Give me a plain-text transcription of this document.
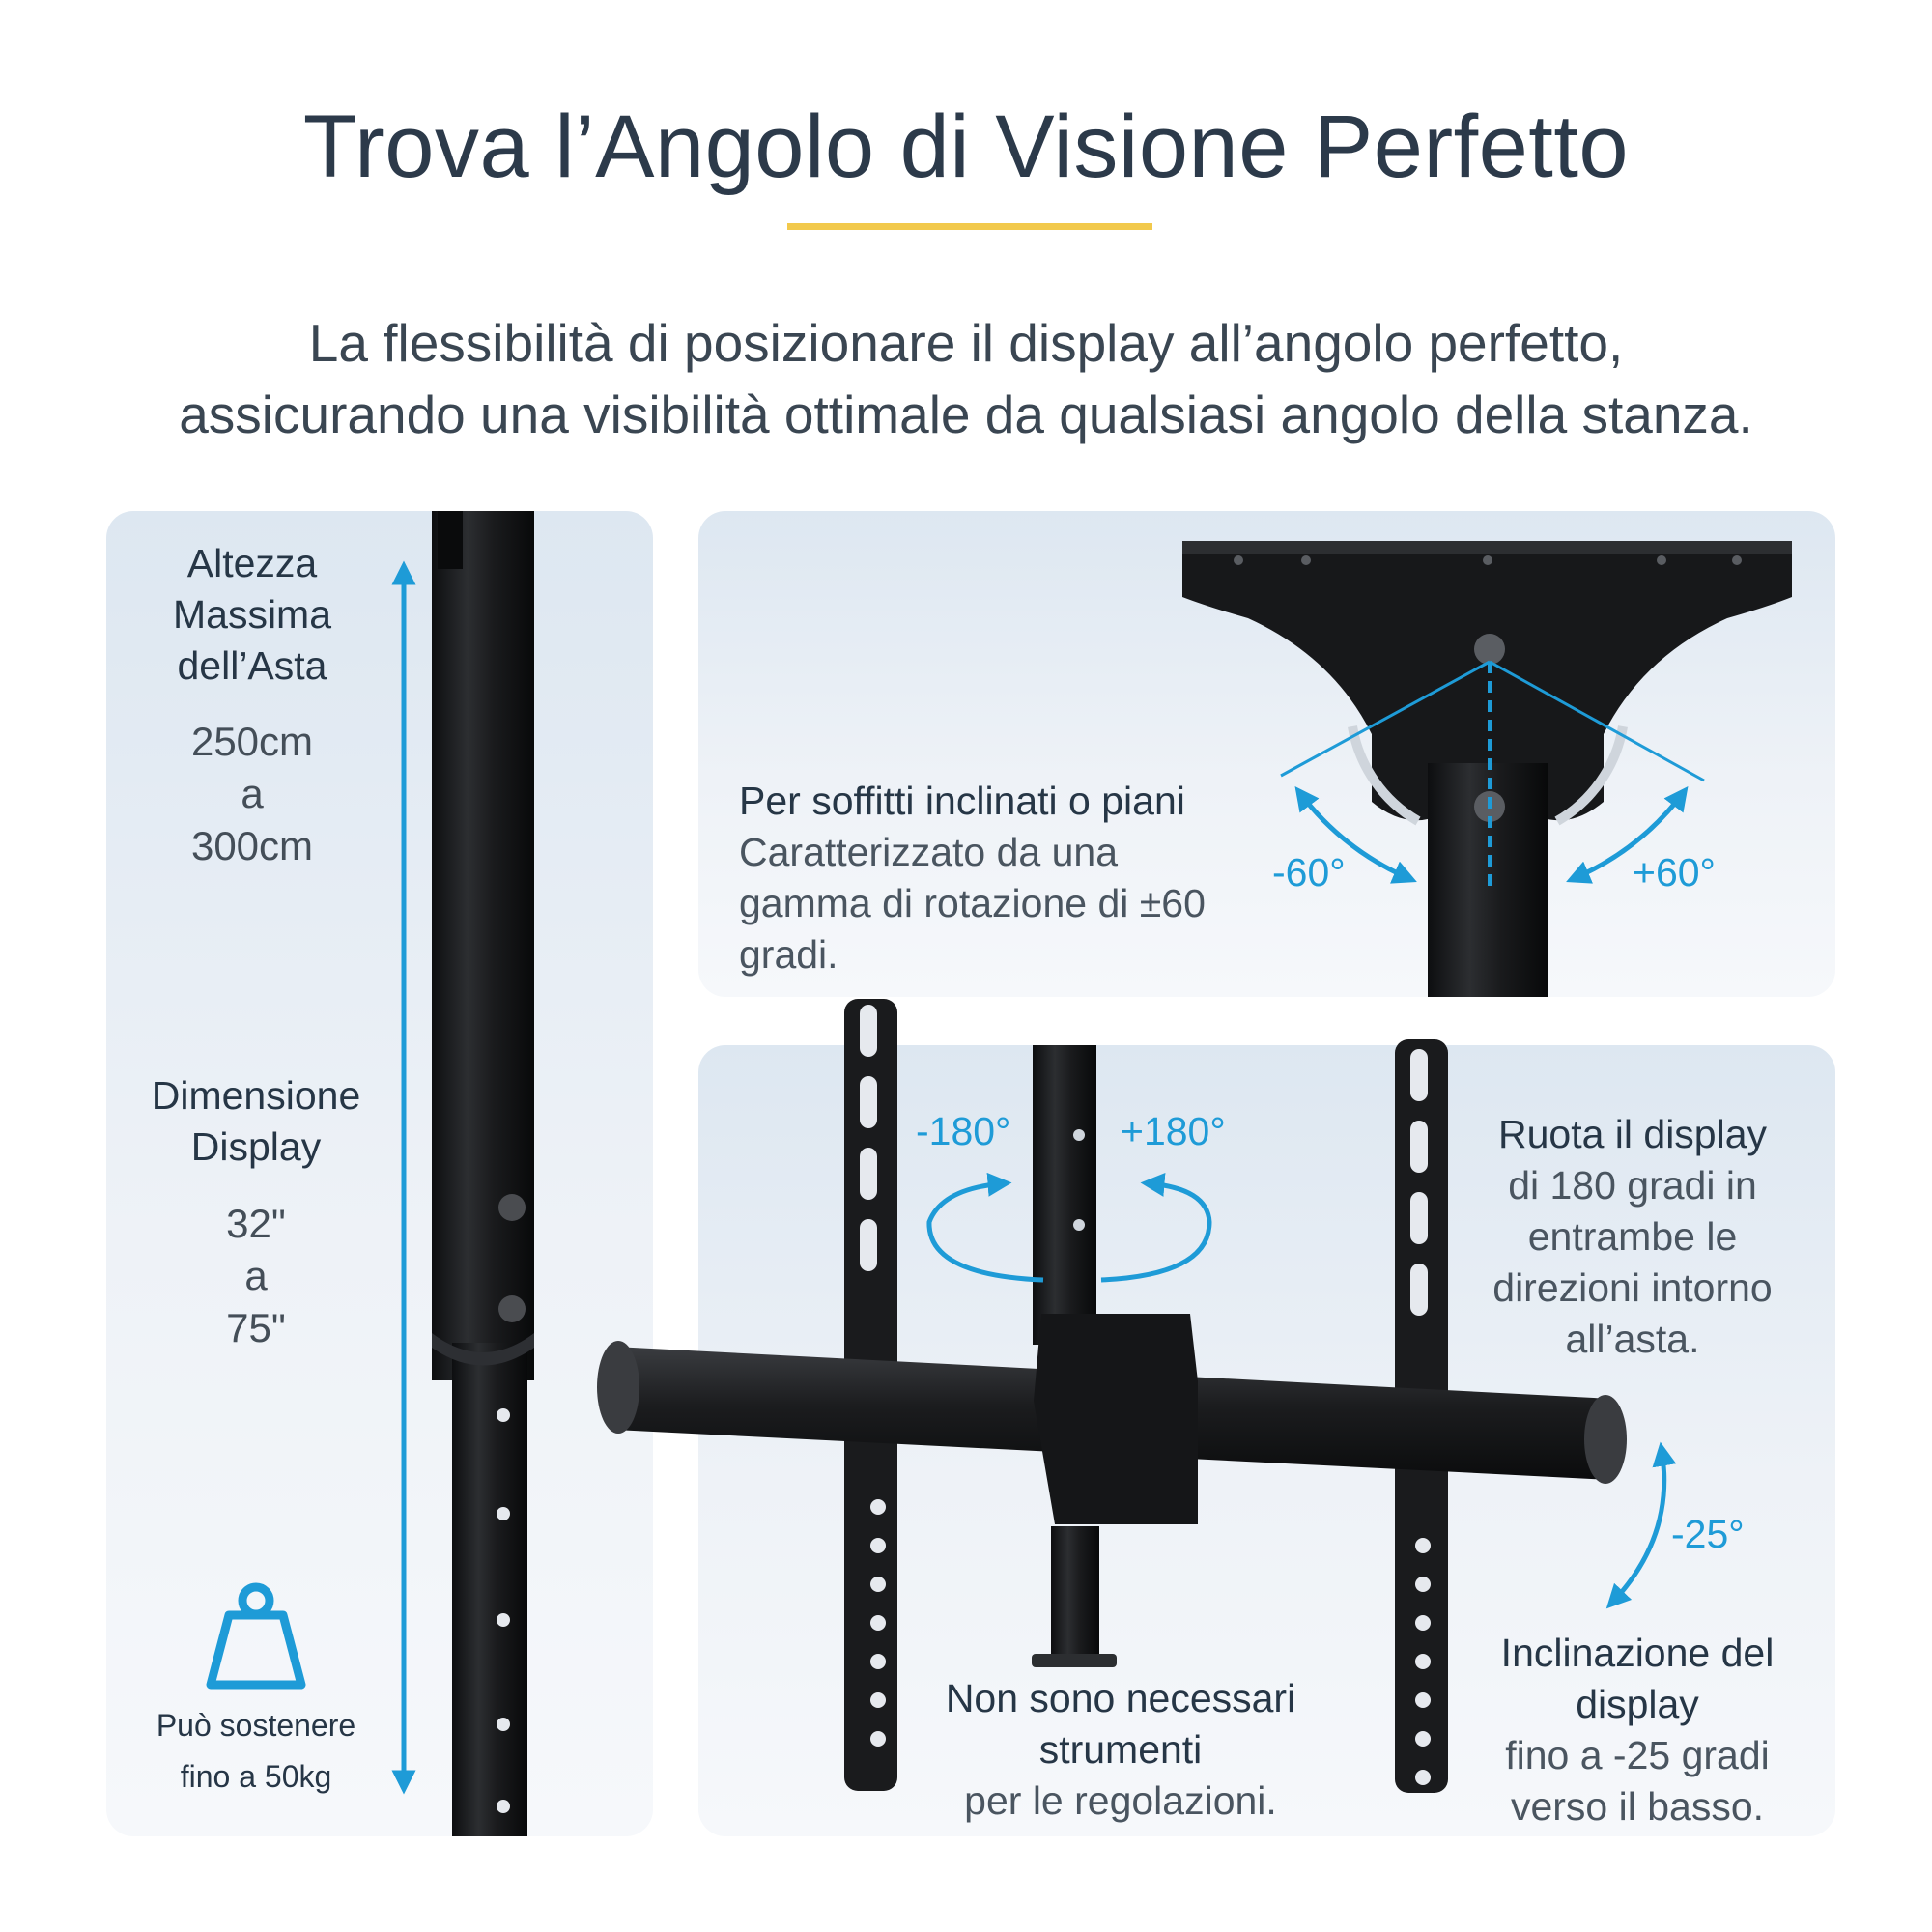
Trova l’Angolo di Visione Perfetto
La flessibilità di posizionare il display all’angolo perfetto,
assicurando una visibilità ottimale da qualsiasi angolo della stanza.
Altezza
Massima
dell’Asta
250cm
a
300cm
Dimensione
Display
32"
a
75"
Può sostenere
fino a 50kg
Per soffitti inclinati o piani
Caratterizzato da una
gamma di rotazione di ±60
gradi.
-60°	+60°
-180°	+180°	Ruota il display
di 180 gradi in
entrambe le
direzioni intorno
all’asta.
-25°
Inclinazione del
display
fino a -25 gradi
verso il basso.
Non sono necessari
strumenti
per le regolazioni.
